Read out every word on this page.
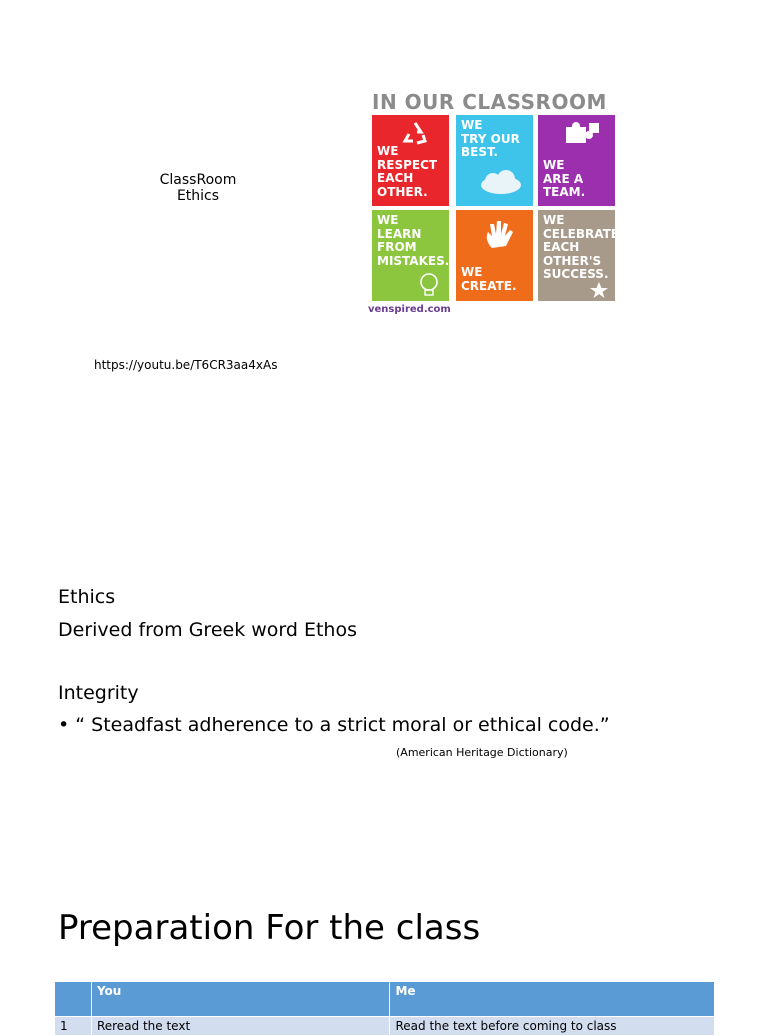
ClassRoom
Ethics
IN OUR CLASSROOM
WE
RESPECT
EACH
OTHER.
WE
TRY OUR
BEST.
WE
ARE A
TEAM.
WE
LEARN
FROM
MISTAKES.
WE
CREATE.
WE
CELEBRATE
EACH
OTHER'S
SUCCESS.
venspired.com
https://youtu.be/T6CR3aa4xAs
Ethics
Derived from Greek word Ethos
Integrity
• “ Steadfast adherence to a strict moral or ethical code.”
(American Heritage Dictionary)
Preparation For the class
	You	Me
1	Reread the text	Read the text before coming to class
